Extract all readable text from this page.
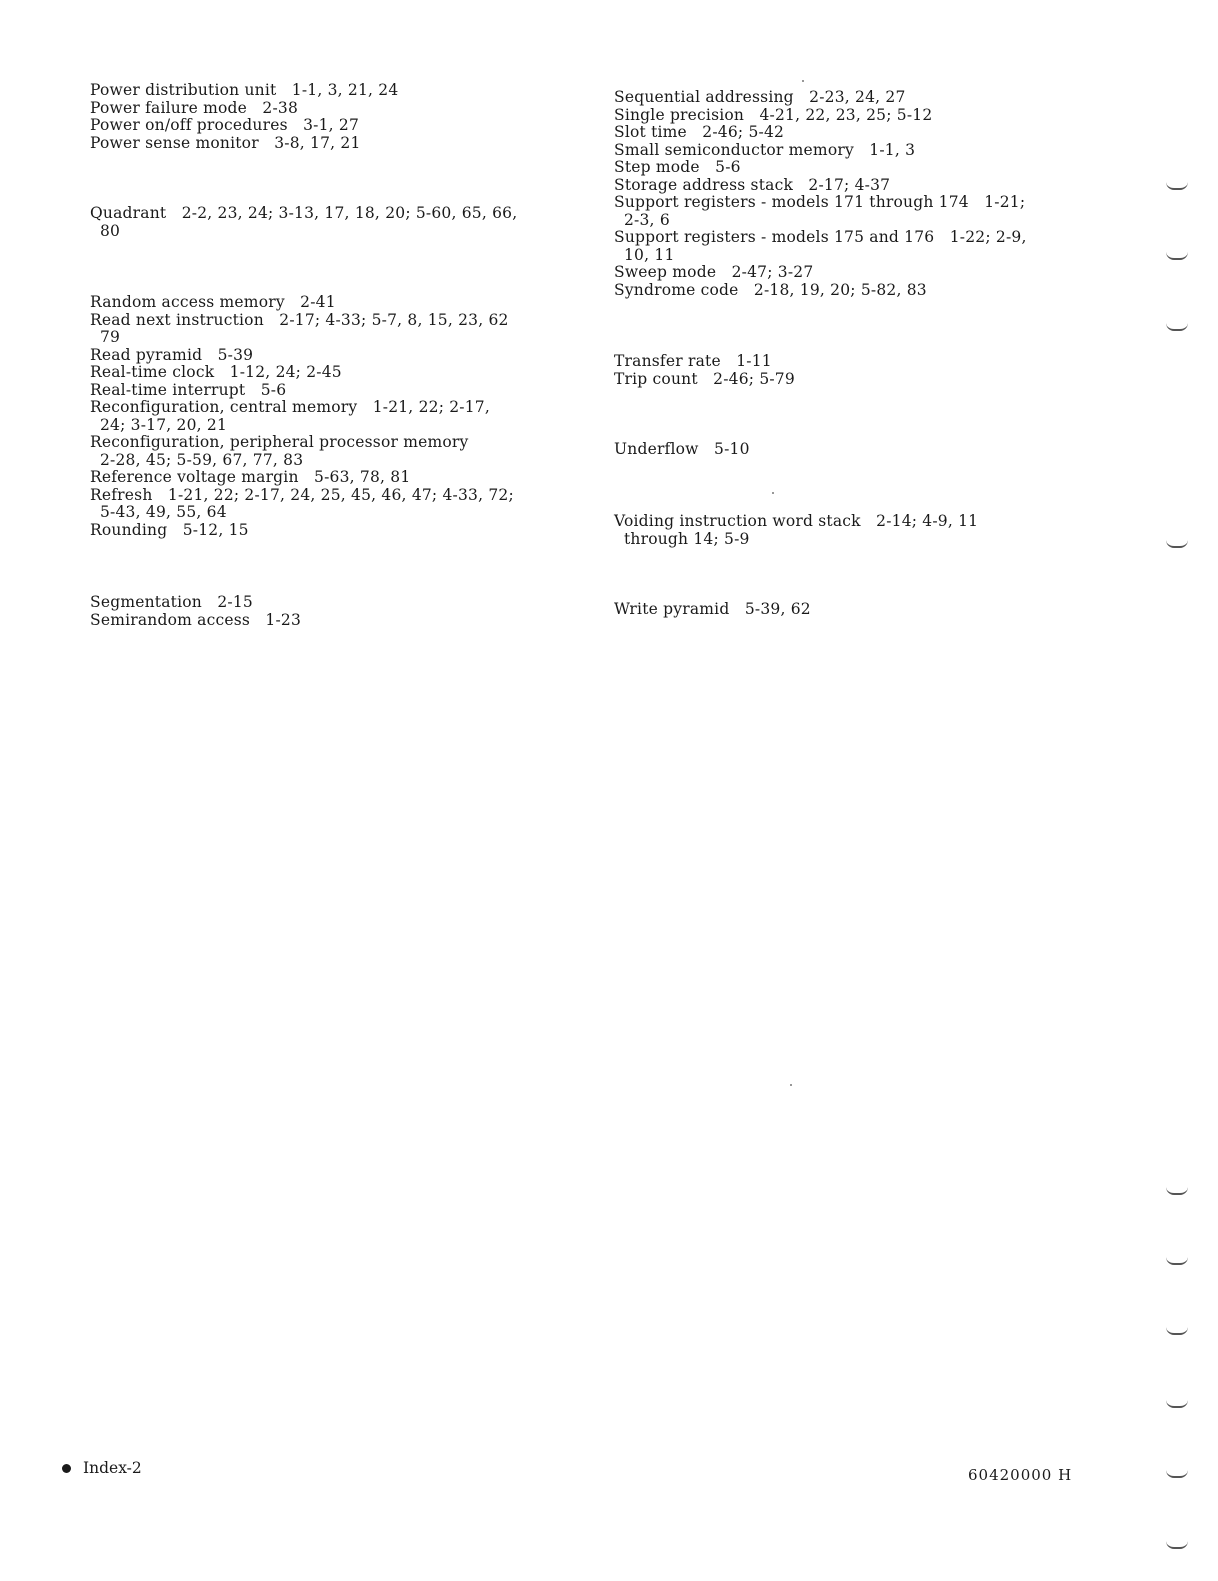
Power distribution unit   1-1, 3, 21, 24
Power failure mode   2-38
Power on/off procedures   3-1, 27
Power sense monitor   3-8, 17, 21
Quadrant   2-2, 23, 24; 3-13, 17, 18, 20; 5-60, 65, 66,
80
Random access memory   2-41
Read next instruction   2-17; 4-33; 5-7, 8, 15, 23, 62
79
Read pyramid   5-39
Real-time clock   1-12, 24; 2-45
Real-time interrupt   5-6
Reconfiguration, central memory   1-21, 22; 2-17,
24; 3-17, 20, 21
Reconfiguration, peripheral processor memory
2-28, 45; 5-59, 67, 77, 83
Reference voltage margin   5-63, 78, 81
Refresh   1-21, 22; 2-17, 24, 25, 45, 46, 47; 4-33, 72;
5-43, 49, 55, 64
Rounding   5-12, 15
Segmentation   2-15
Semirandom access   1-23
Sequential addressing   2-23, 24, 27
Single precision   4-21, 22, 23, 25; 5-12
Slot time   2-46; 5-42
Small semiconductor memory   1-1, 3
Step mode   5-6
Storage address stack   2-17; 4-37
Support registers - models 171 through 174   1-21;
2-3, 6
Support registers - models 175 and 176   1-22; 2-9,
10, 11
Sweep mode   2-47; 3-27
Syndrome code   2-18, 19, 20; 5-82, 83
Transfer rate   1-11
Trip count   2-46; 5-79
Underflow   5-10
Voiding instruction word stack   2-14; 4-9, 11
through 14; 5-9
Write pyramid   5-39, 62
Index-2	60420000 H
